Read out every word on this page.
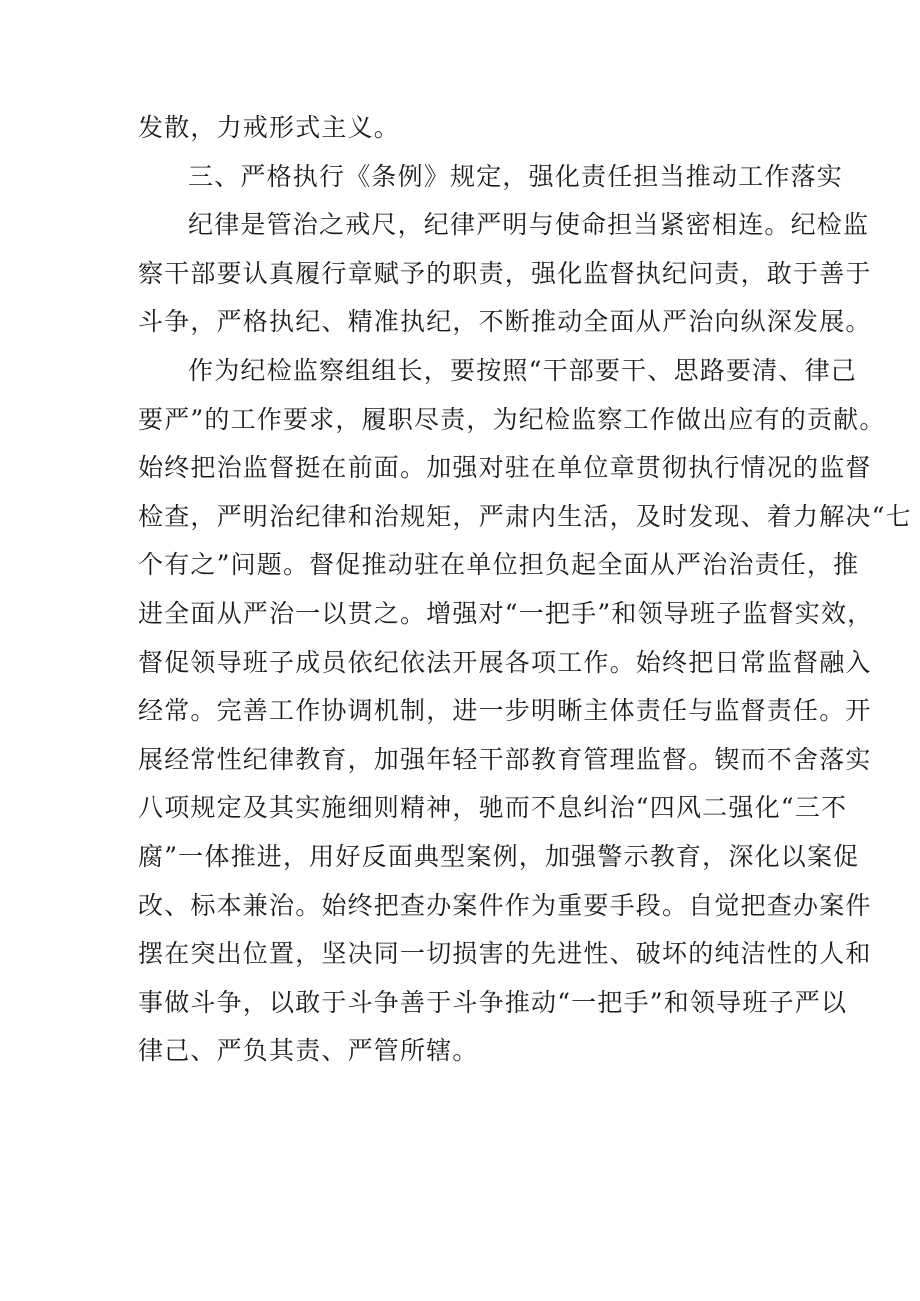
发散，力戒形式主义。
三、严格执行《条例》规定，强化责任担当推动工作落实
纪律是管治之戒尺，纪律严明与使命担当紧密相连。纪检监
察干部要认真履行章赋予的职责，强化监督执纪问责，敢于善于
斗争，严格执纪、精准执纪，不断推动全面从严治向纵深发展。
作为纪检监察组组长，要按照“干部要干、思路要清、律己
要严”的工作要求，履职尽责，为纪检监察工作做出应有的贡献。
始终把治监督挺在前面。加强对驻在单位章贯彻执行情况的监督
检查，严明治纪律和治规矩，严肃内生活，及时发现、着力解决“七
个有之”问题。督促推动驻在单位担负起全面从严治治责任，推
进全面从严治一以贯之。增强对“一把手”和领导班子监督实效，
督促领导班子成员依纪依法开展各项工作。始终把日常监督融入
经常。完善工作协调机制，进一步明晰主体责任与监督责任。开
展经常性纪律教育，加强年轻干部教育管理监督。锲而不舍落实
八项规定及其实施细则精神，驰而不息纠治“四风二强化“三不
腐”一体推进，用好反面典型案例，加强警示教育，深化以案促
改、标本兼治。始终把查办案件作为重要手段。自觉把查办案件
摆在突出位置，坚决同一切损害的先进性、破坏的纯洁性的人和
事做斗争，以敢于斗争善于斗争推动“一把手”和领导班子严以
律己、严负其责、严管所辖。
